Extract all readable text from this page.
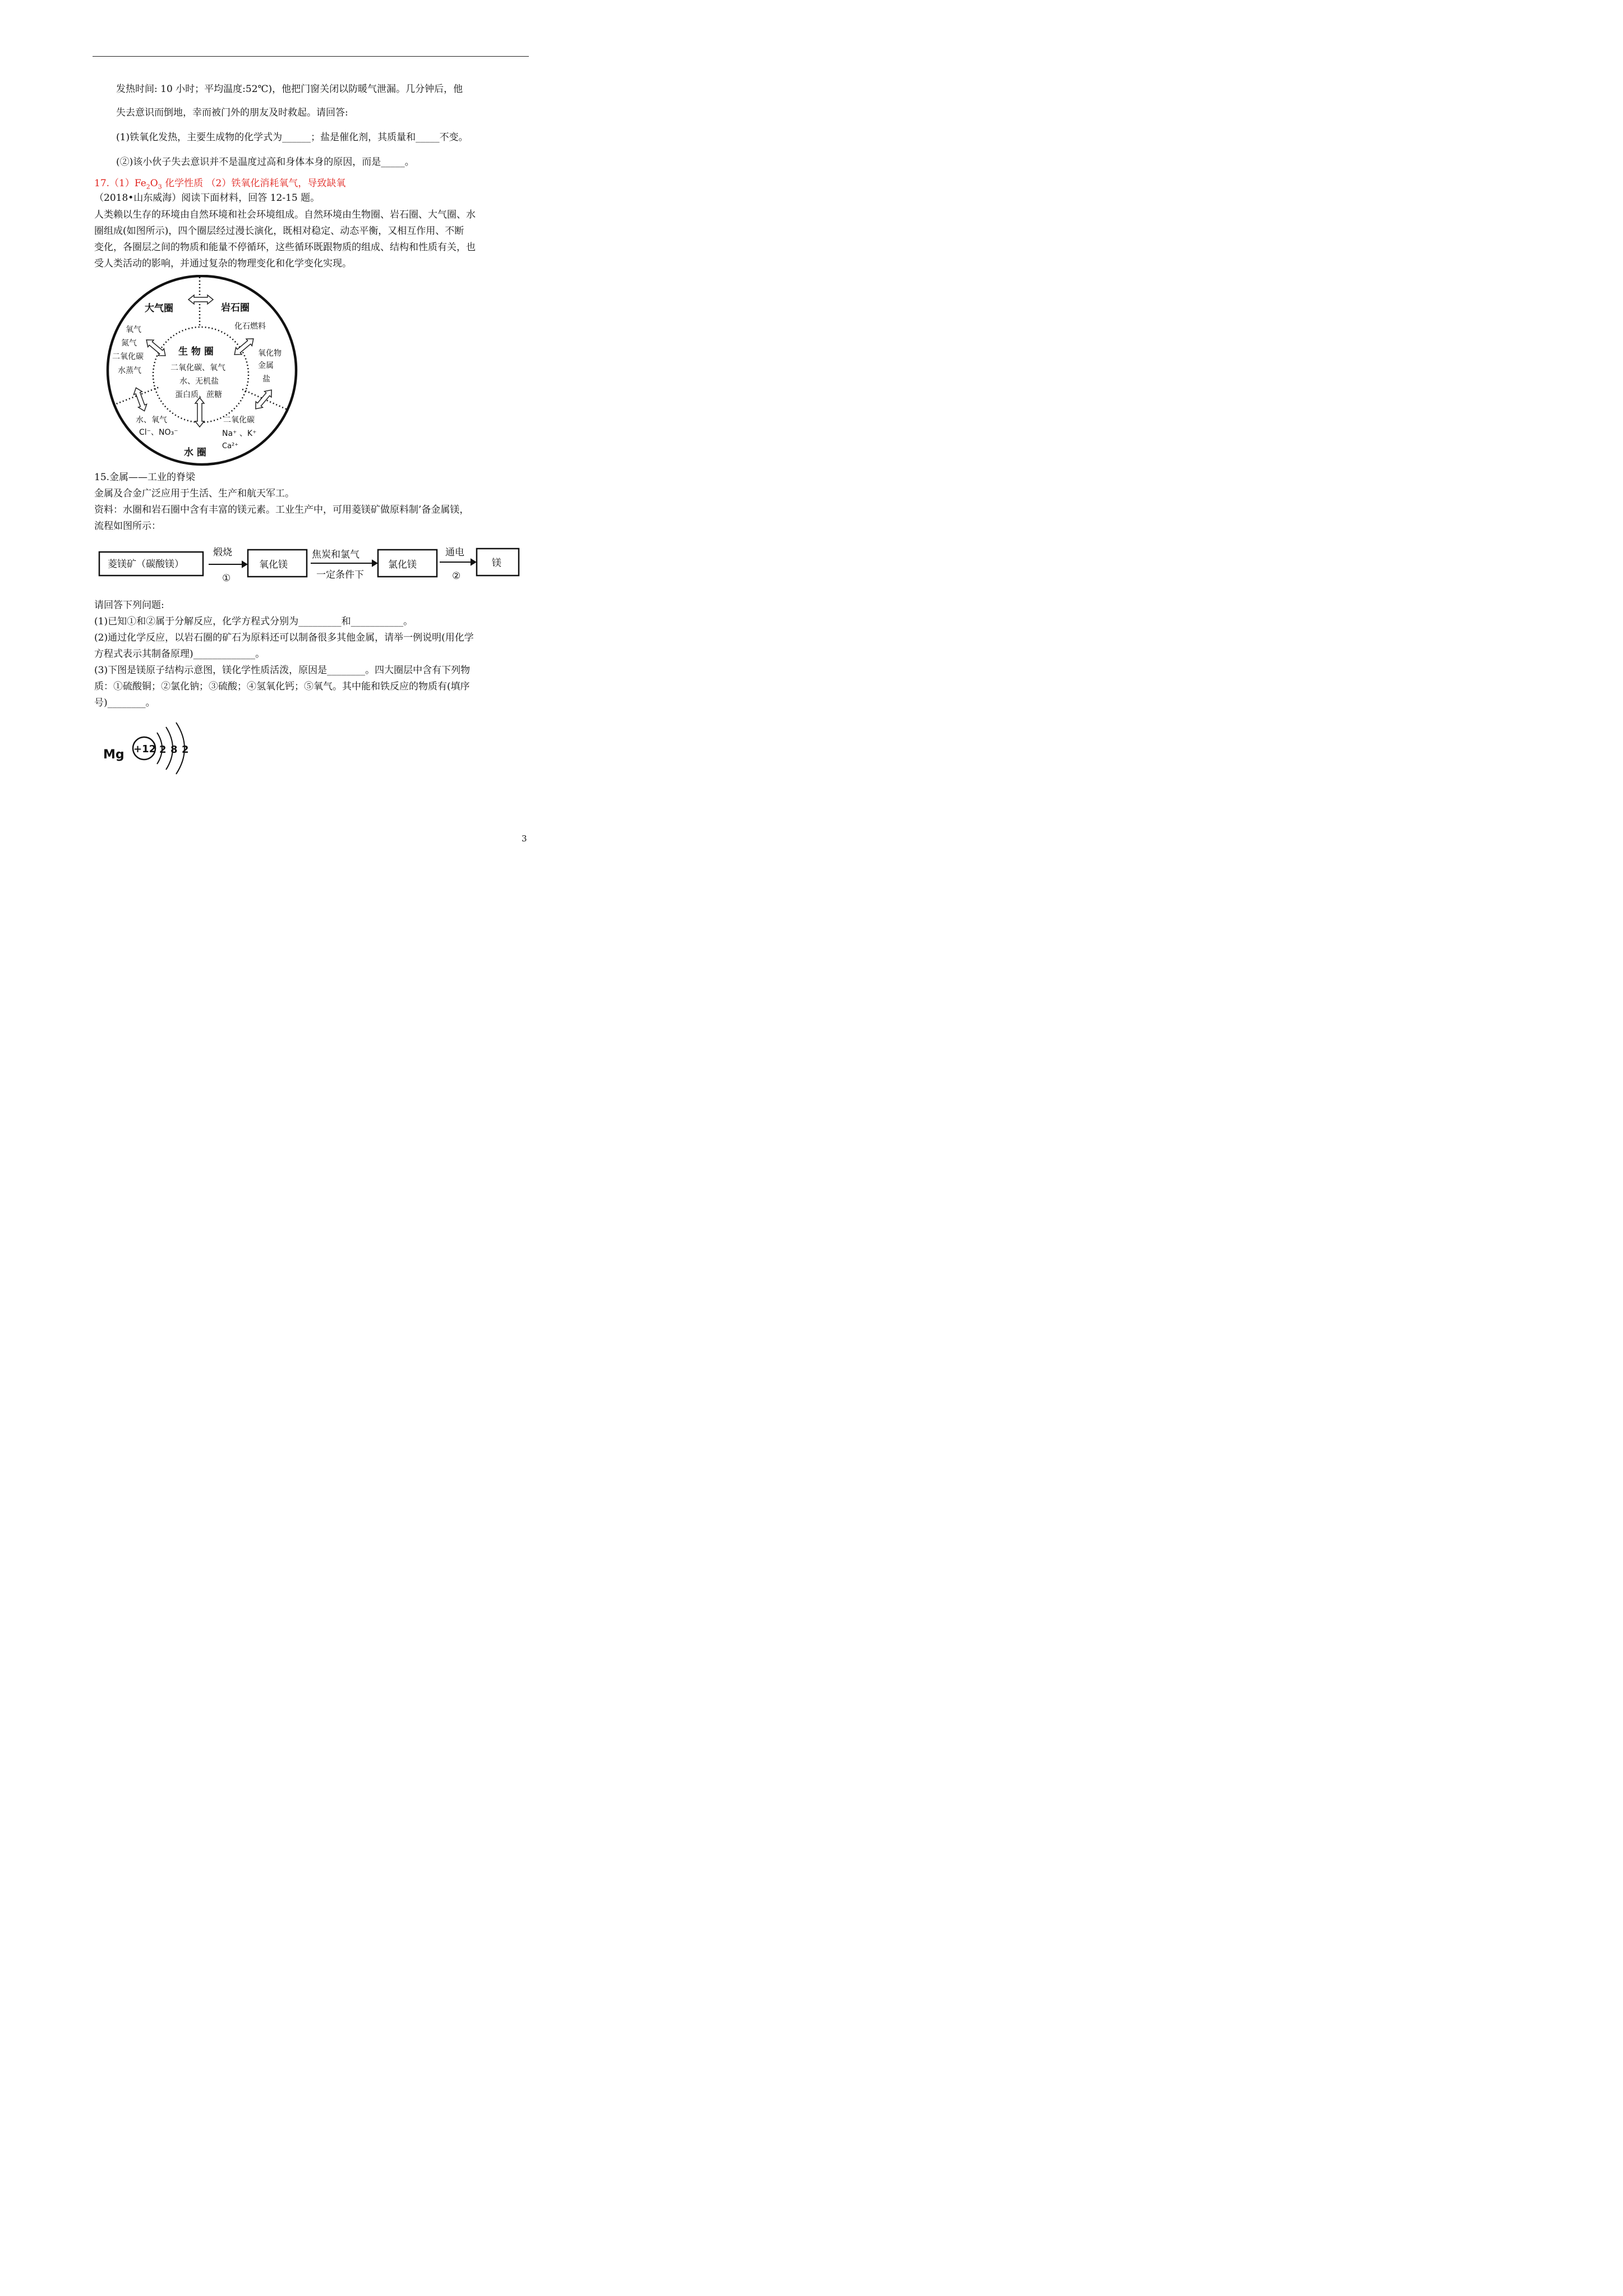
发热时间: 10 小时；平均温度:52℃)，他把门窗关闭以防暖气泄漏。几分钟后，他
失去意识而倒地，幸而被门外的朋友及时救起。请回答:
(1)铁氧化发热，主要生成物的化学式为______；盐是催化剂，其质量和_____不变。
(②)该小伙子失去意识并不是温度过高和身体本身的原因，而是_____。
$17.(1)Fe_2O_3$ 化学性质 （2）铁氧化消耗氧气，导致缺氧
（2018•山东威海）阅读下面材料，回答 12-15 题。
人类赖以生存的环境由自然环境和社会环境组成。自然环境由生物圈、岩石圈、大气圈、水
圈组成(如图所示)，四个圈层经过漫长演化，既相对稳定、动态平衡，又相互作用、不断
变化，各圈层之间的物质和能量不停循环，这些循环既跟物质的组成、结构和性质有关，也
受人类活动的影响，并通过复杂的物理变化和化学变化实现。
大气圈
氧气
氮气
二氧化碳
水蒸气
岩石圈
化石燃料
氧化物
金属
盐
生 物 圈
二氧化碳、氧气
水、无机盐
蛋白质、蔗糖
水、氧气
Cl⁻、NO₃⁻
二氧化碳
Na⁺ 、K⁺
Ca²⁺
水 圈
15.金属——工业的脊梁
金属及合金广泛应用于生活、生产和航天军工。
资料：水圈和岩石圈中含有丰富的镁元素。工业生产中，可用菱镁矿做原料制’备金属镁，
流程如图所示：
菱镁矿（碳酸镁）
煅烧
①
氧化镁
焦炭和氯气
一定条件下
氯化镁
通电
②
镁
请回答下列问题:
(1)已知①和②属于分解反应，化学方程式分别为_________和___________。
(2)通过化学反应，以岩石圈的矿石为原料还可以制备很多其他金属，请举一例说明(用化学
方程式表示其制备原理)_____________。
(3)下图是镁原子结构示意图，镁化学性质活泼，原因是________。四大圈层中含有下列物
质：①硫酸铜；②氯化钠；③硫酸；④氢氧化钙；⑤氧气。其中能和铁反应的物质有(填序
号)________。
Mg +12 2 8 2
3
